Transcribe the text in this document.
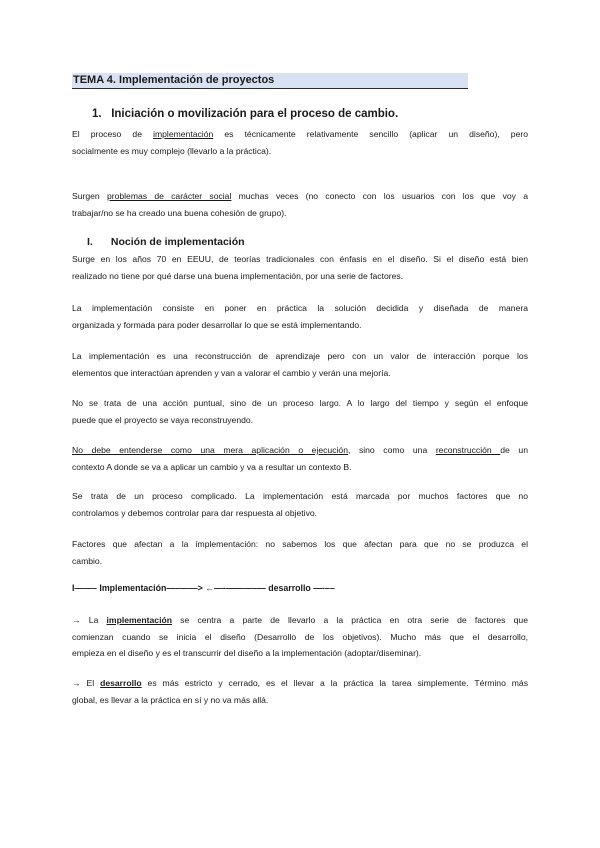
TEMA 4. Implementación de proyectos
1. Iniciación o movilización para el proceso de cambio.
El proceso de implementación es técnicamente relativamente sencillo (aplicar un diseño), pero
socialmente es muy complejo (llevarlo a la práctica).
Surgen problemas de carácter social muchas veces (no conecto con los usuarios con los que voy a
trabajar/no se ha creado una buena cohesión de grupo).
I. Noción de implementación
Surge en los años 70 en EEUU, de teorías tradicionales con énfasis en el diseño. Si el diseño está bien
realizado no tiene por qué darse una buena implementación, por una serie de factores.
La implementación consiste en poner en práctica la solución decidida y diseñada de manera
organizada y formada para poder desarrollar lo que se está implementando.
La implementación es una reconstrucción de aprendizaje pero con un valor de interacción porque los
elementos que interactúan aprenden y van a valorar el cambio y verán una mejoría.
No se trata de una acción puntual, sino de un proceso largo. A lo largo del tiempo y según el enfoque
puede que el proyecto se vaya reconstruyendo.
No debe entenderse como una mera aplicación o ejecución, sino como una reconstrucción de un
contexto A donde se va a aplicar un cambio y va a resultar un contexto B.
Se trata de un proceso complicado. La implementación está marcada por muchos factores que no
controlamos y debemos controlar para dar respuesta al objetivo.
Factores que afectan a la implementación: no sabemos los que afectan para que no se produzca el
cambio.
I——– Implementación—–——> ←—-———–— desarrollo —-––
→ La implementación se centra a parte de llevarlo a la práctica en otra serie de factores que
comienzan cuando se inicia el diseño (Desarrollo de los objetivos). Mucho más que el desarrollo,
empieza en el diseño y es el transcurrir del diseño a la implementación (adoptar/diseminar).
→ El desarrollo es más estricto y cerrado, es el llevar a la práctica la tarea simplemente. Término más
global, es llevar a la práctica en sí y no va más allá.
